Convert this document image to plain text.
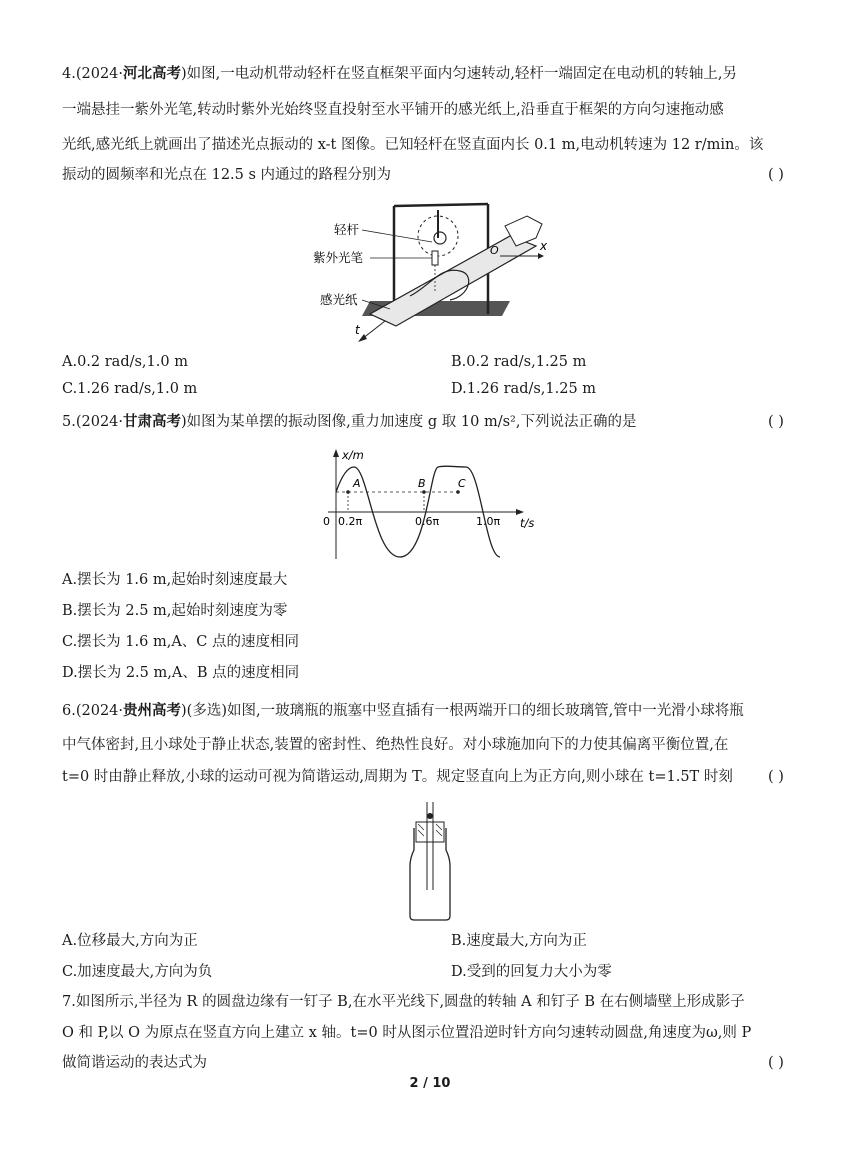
4.(2024·河北高考)如图,一电动机带动轻杆在竖直框架平面内匀速转动,轻杆一端固定在电动机的转轴上,另
一端悬挂一紫外光笔,转动时紫外光始终竖直投射至水平铺开的感光纸上,沿垂直于框架的方向匀速拖动感
光纸,感光纸上就画出了描述光点振动的 x-t 图像。已知轻杆在竖直面内长 0.1 m,电动机转速为 12 r/min。该
振动的圆频率和光点在 12.5 s 内通过的路程分别为	( )
x
t
O
轻杆
紫外光笔
感光纸
A.0.2 rad/s,1.0 m	B.0.2 rad/s,1.25 m
C.1.26 rad/s,1.0 m	D.1.26 rad/s,1.25 m
5.(2024·甘肃高考)如图为某单摆的振动图像,重力加速度 g 取 10 m/s²,下列说法正确的是	( )
x/m
t/s
0 0.2π	0.6π	1.0π
A	B	C
A.摆长为 1.6 m,起始时刻速度最大
B.摆长为 2.5 m,起始时刻速度为零
C.摆长为 1.6 m,A、C 点的速度相同
D.摆长为 2.5 m,A、B 点的速度相同
6.(2024·贵州高考)(多选)如图,一玻璃瓶的瓶塞中竖直插有一根两端开口的细长玻璃管,管中一光滑小球将瓶
中气体密封,且小球处于静止状态,装置的密封性、绝热性良好。对小球施加向下的力使其偏离平衡位置,在
t=0 时由静止释放,小球的运动可视为简谐运动,周期为 T。规定竖直向上为正方向,则小球在 t=1.5T 时刻 ( )
A.位移最大,方向为正	B.速度最大,方向为正
C.加速度最大,方向为负	D.受到的回复力大小为零
7.如图所示,半径为 R 的圆盘边缘有一钉子 B,在水平光线下,圆盘的转轴 A 和钉子 B 在右侧墙壁上形成影子
O 和 P,以 O 为原点在竖直方向上建立 x 轴。t=0 时从图示位置沿逆时针方向匀速转动圆盘,角速度为ω,则 P
做简谐运动的表达式为	( )
2 / 10
